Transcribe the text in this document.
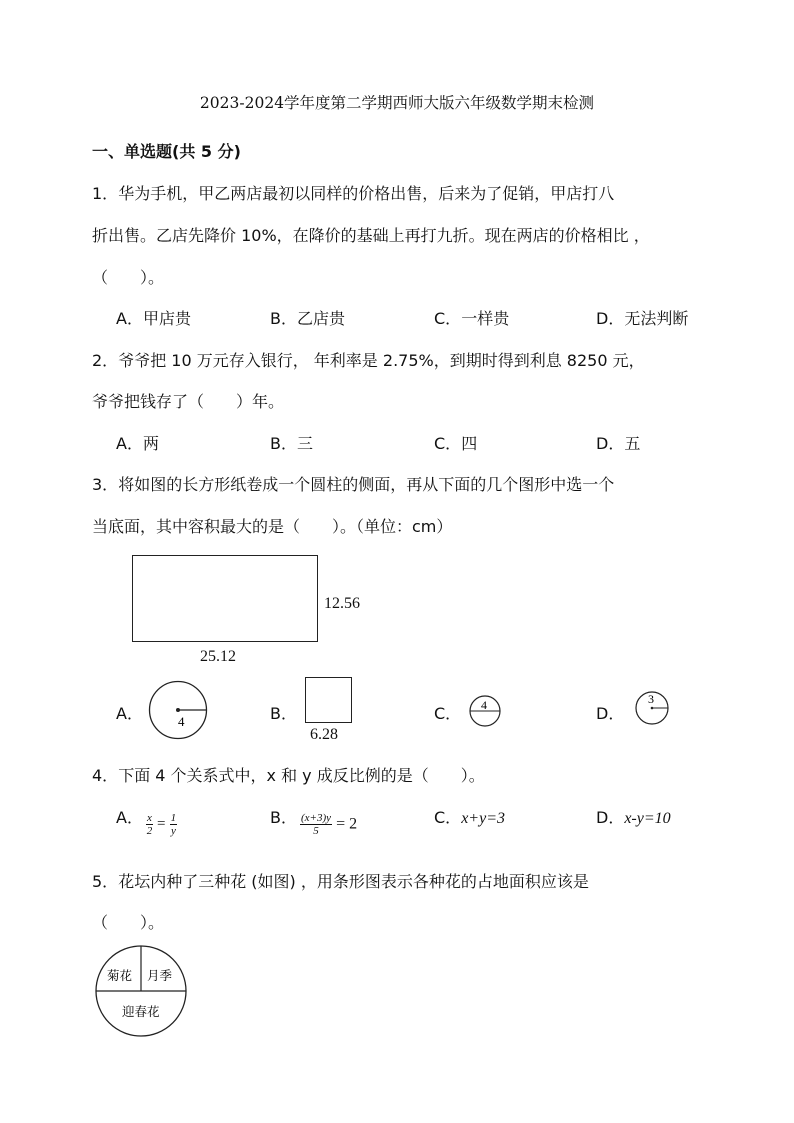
2023-2024学年度第二学期西师大版六年级数学期末检测
一、单选题(共 5 分)
1．华为手机，甲乙两店最初以同样的价格出售，后来为了促销，甲店打八
折出售。乙店先降价 10%，在降价的基础上再打九折。现在两店的价格相比 ，
（　　）。
A．甲店贵	B．乙店贵	C．一样贵	D．无法判断
2．爷爷把 10 万元存入银行， 年利率是 2.75%，到期时得到利息 8250 元，
爷爷把钱存了（　　）年。
A．两	B．三	C．四	D．五
3．将如图的长方形纸卷成一个圆柱的侧面，再从下面的几个图形中选一个
当底面，其中容积最大的是（　　）。（单位：cm）
12.56
25.12
A．	4	B．
6.28
C． 4	D．
3
4．下面 4 个关系式中，x 和 y 成反比例的是（　　）。
A． $\frac{x}{2} = \frac{1}{y}$	B． $\frac{(x+3)y}{5} = 2$	C．x+y=3	D．x-y=10
5．花坛内种了三种花 (如图) ，用条形图表示各种花的占地面积应该是
（　　）。
菊花 月季
迎春花
